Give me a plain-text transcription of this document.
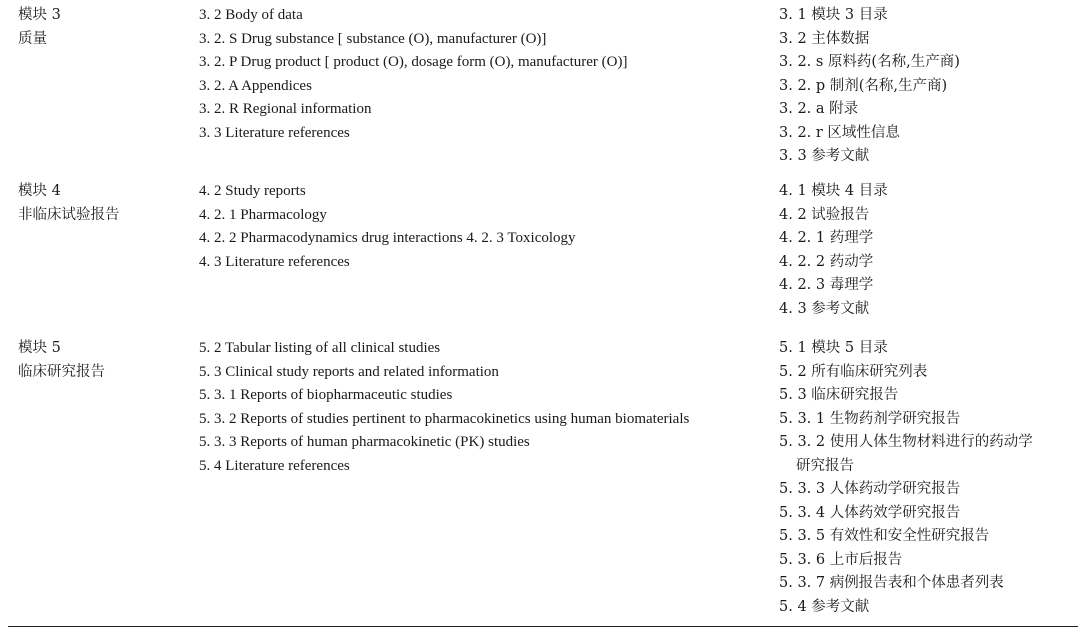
模块 3
质量
3. 2 Body of data
3. 2. S Drug substance [ substance (O), manufacturer (O)]
3. 2. P Drug product [ product (O), dosage form (O), manufacturer (O)]
3. 2. A Appendices
3. 2. R Regional information
3. 3 Literature references
3. 1 模块 3 目录
3. 2 主体数据
3. 2. s 原料药(名称,生产商)
3. 2. p 制剂(名称,生产商)
3. 2. a 附录
3. 2. r 区域性信息
3. 3 参考文献
模块 4
非临床试验报告
4. 2 Study reports
4. 2. 1 Pharmacology
4. 2. 2 Pharmacodynamics drug interactions 4. 2. 3 Toxicology
4. 3 Literature references
4. 1 模块 4 目录
4. 2 试验报告
4. 2. 1 药理学
4. 2. 2 药动学
4. 2. 3 毒理学
4. 3 参考文献
模块 5
临床研究报告
5. 2 Tabular listing of all clinical studies
5. 3 Clinical study reports and related information
5. 3. 1 Reports of biopharmaceutic studies
5. 3. 2 Reports of studies pertinent to pharmacokinetics using human biomaterials
5. 3. 3 Reports of human pharmacokinetic (PK) studies
5. 4 Literature references
5. 1 模块 5 目录
5. 2 所有临床研究列表
5. 3 临床研究报告
5. 3. 1 生物药剂学研究报告
5. 3. 2 使用人体生物材料进行的药动学
研究报告
5. 3. 3 人体药动学研究报告
5. 3. 4 人体药效学研究报告
5. 3. 5 有效性和安全性研究报告
5. 3. 6 上市后报告
5. 3. 7 病例报告表和个体患者列表
5. 4 参考文献
